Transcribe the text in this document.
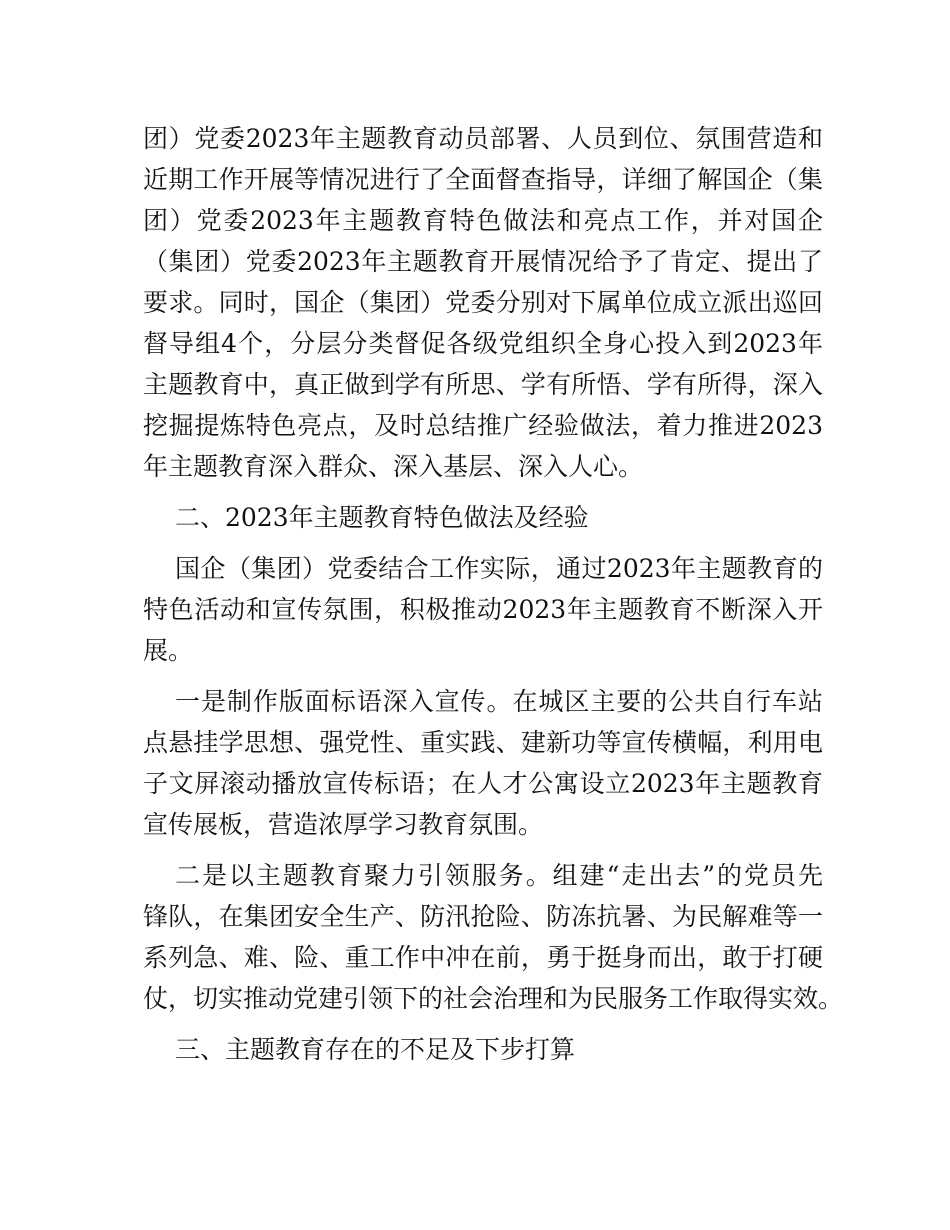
团）党委2023年主题教育动员部署、人员到位、氛围营造和
近期工作开展等情况进行了全面督查指导，详细了解国企（集
团）党委2023年主题教育特色做法和亮点工作，并对国企
（集团）党委2023年主题教育开展情况给予了肯定、提出了
要求。同时，国企（集团）党委分别对下属单位成立派出巡回
督导组4个，分层分类督促各级党组织全身心投入到2023年
主题教育中，真正做到学有所思、学有所悟、学有所得，深入
挖掘提炼特色亮点，及时总结推广经验做法，着力推进2023
年主题教育深入群众、深入基层、深入人心。
二、2023年主题教育特色做法及经验
国企（集团）党委结合工作实际，通过2023年主题教育的
特色活动和宣传氛围，积极推动2023年主题教育不断深入开
展。
一是制作版面标语深入宣传。在城区主要的公共自行车站
点悬挂学思想、强党性、重实践、建新功等宣传横幅，利用电
子文屏滚动播放宣传标语；在人才公寓设立2023年主题教育
宣传展板，营造浓厚学习教育氛围。
二是以主题教育聚力引领服务。组建“走出去”的党员先
锋队，在集团安全生产、防汛抢险、防冻抗暑、为民解难等一
系列急、难、险、重工作中冲在前，勇于挺身而出，敢于打硬
仗，切实推动党建引领下的社会治理和为民服务工作取得实效。
三、主题教育存在的不足及下步打算
